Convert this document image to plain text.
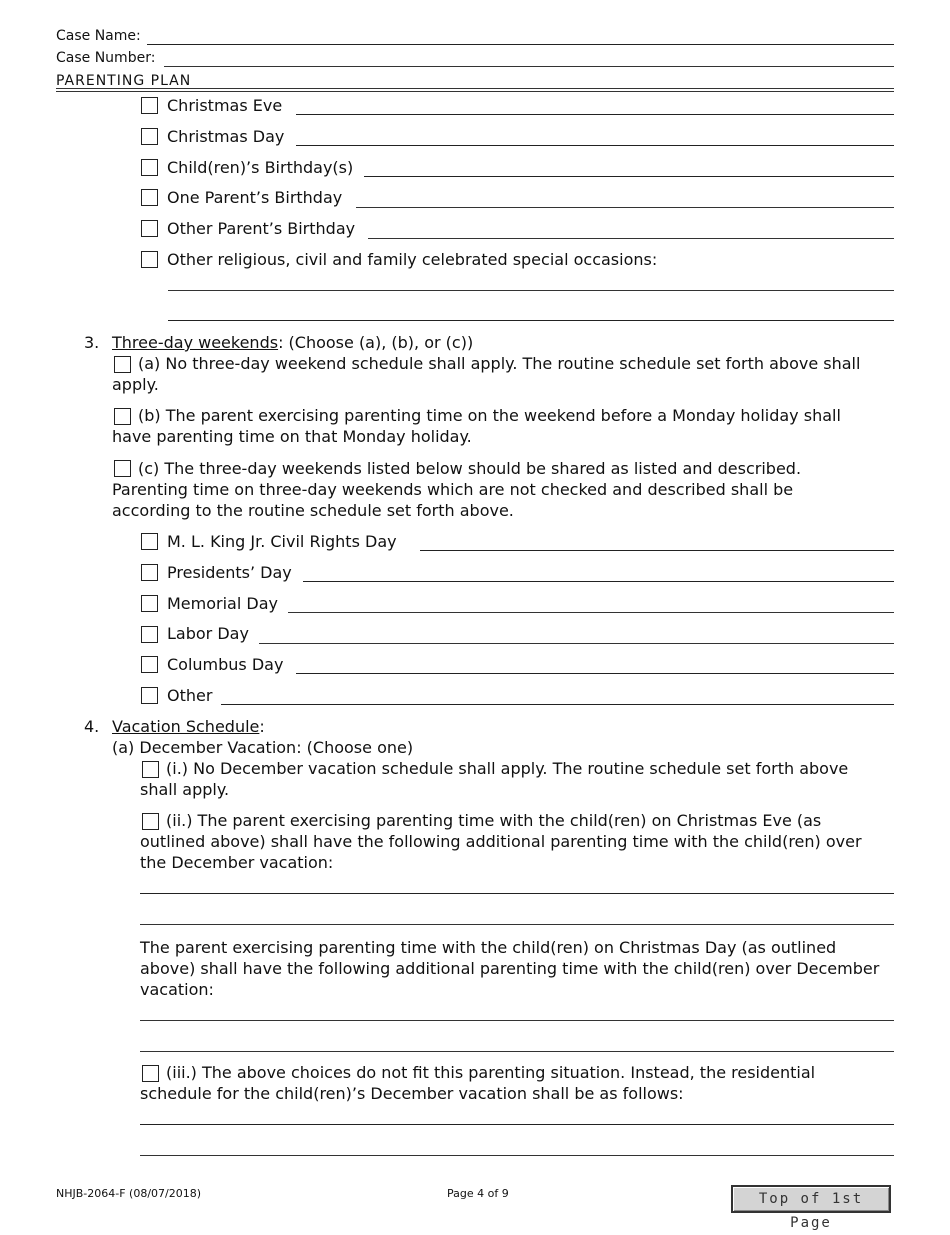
Case Name:
Case Number:
PARENTING PLAN
Christmas Eve
Christmas Day
Child(ren)’s Birthday(s)
One Parent’s Birthday
Other Parent’s Birthday
Other religious, civil and family celebrated special occasions:
3. Three-day weekends: (Choose (a), (b), or (c))
(a) No three-day weekend schedule shall apply. The routine schedule set forth above shall apply.
(b) The parent exercising parenting time on the weekend before a Monday holiday shall have parenting time on that Monday holiday.
(c) The three-day weekends listed below should be shared as listed and described. Parenting time on three-day weekends which are not checked and described shall be according to the routine schedule set forth above.
M. L. King Jr. Civil Rights Day
Presidents’ Day
Memorial Day
Labor Day
Columbus Day
Other
4. Vacation Schedule:
(a) December Vacation: (Choose one)
(i.) No December vacation schedule shall apply. The routine schedule set forth above shall apply.
(ii.) The parent exercising parenting time with the child(ren) on Christmas Eve (as outlined above) shall have the following additional parenting time with the child(ren) over the December vacation:
The parent exercising parenting time with the child(ren) on Christmas Day (as outlined above) shall have the following additional parenting time with the child(ren) over December vacation:
(iii.) The above choices do not fit this parenting situation. Instead, the residential schedule for the child(ren)’s December vacation shall be as follows:
NHJB-2064-F (08/07/2018)	Page 4 of 9	Top of 1st Page
